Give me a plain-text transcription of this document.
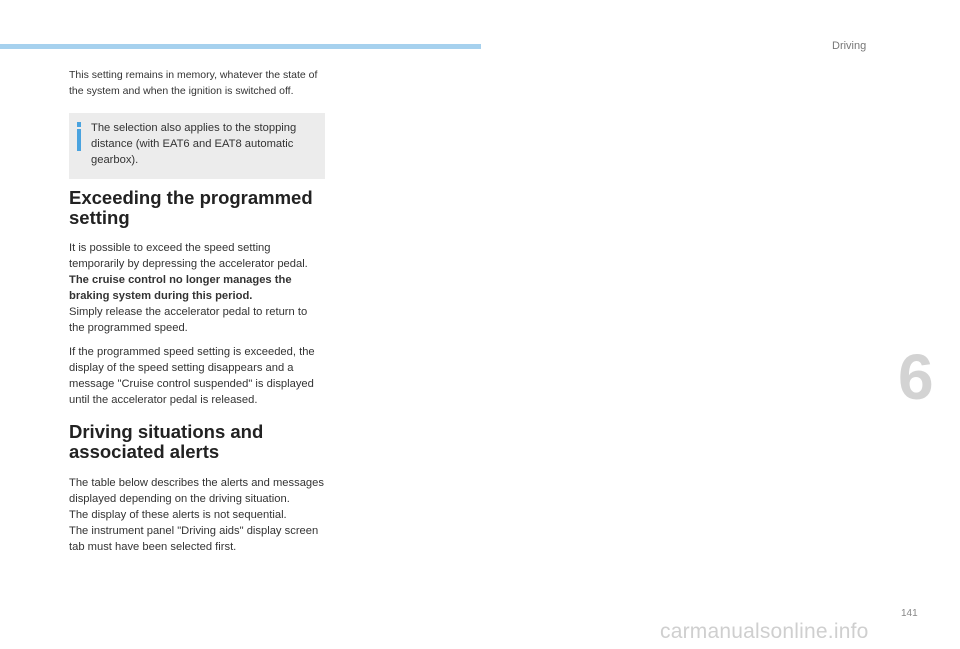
Driving
6
141
carmanualsonline.info

This setting remains in memory, whatever the state of the system and when the ignition is switched off.

The selection also applies to the stopping distance (with EAT6 and EAT8 automatic gearbox).

Exceeding the programmed setting

It is possible to exceed the speed setting temporarily by depressing the accelerator pedal.
The cruise control no longer manages the braking system during this period.
Simply release the accelerator pedal to return to the programmed speed.

If the programmed speed setting is exceeded, the display of the speed setting disappears and a message "Cruise control suspended" is displayed until the accelerator pedal is released.

Driving situations and associated alerts

The table below describes the alerts and messages displayed depending on the driving situation.
The display of these alerts is not sequential.
The instrument panel "Driving aids" display screen tab must have been selected first.
